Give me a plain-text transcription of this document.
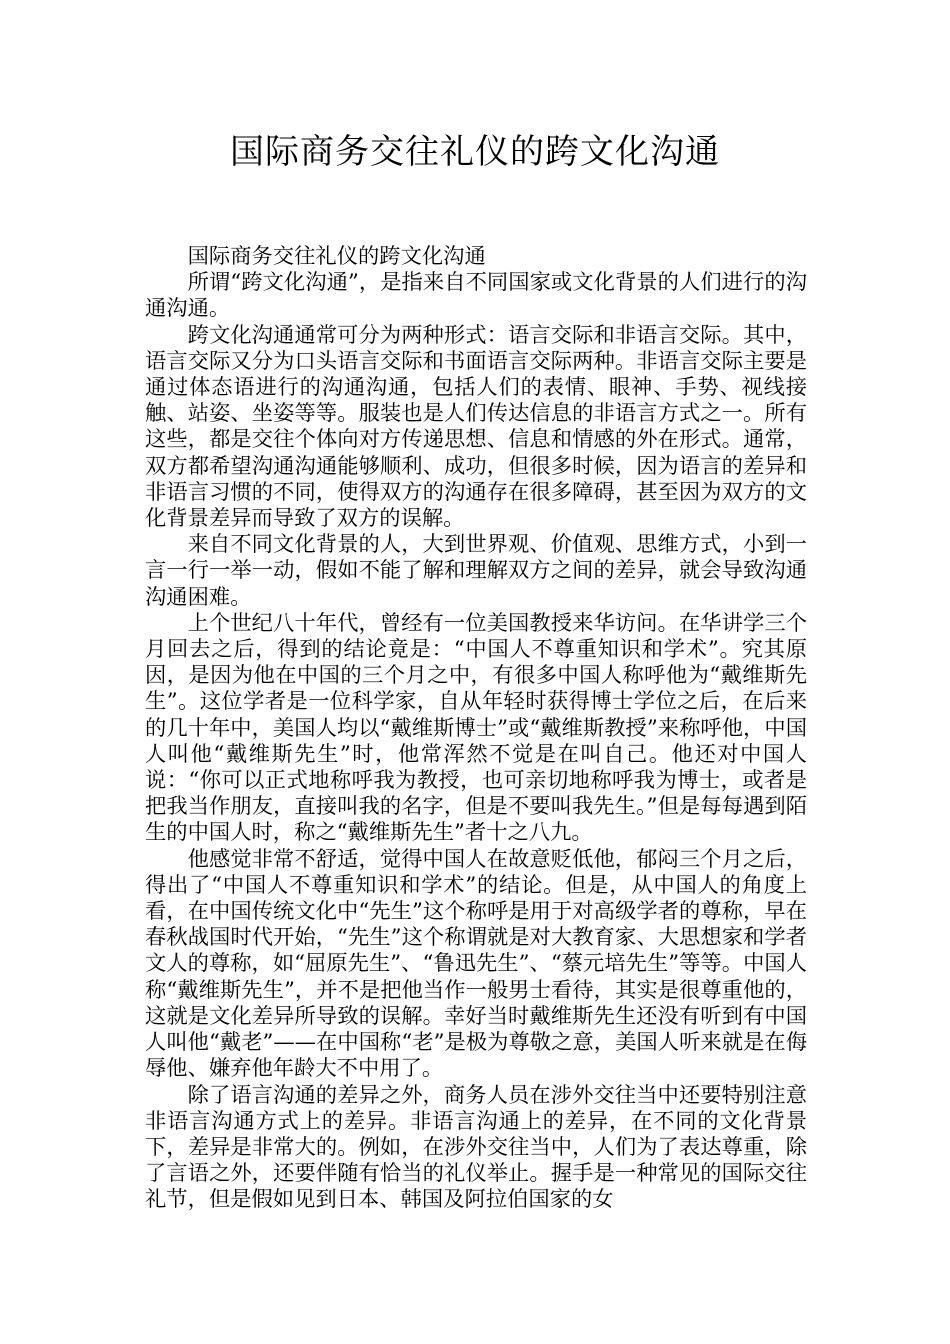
国际商务交往礼仪的跨文化沟通

国际商务交往礼仪的跨文化沟通

所谓“跨文化沟通”，是指来自不同国家或文化背景的人们进行的沟通沟通。

跨文化沟通通常可分为两种形式：语言交际和非语言交际。其中，语言交际又分为口头语言交际和书面语言交际两种。非语言交际主要是通过体态语进行的沟通沟通，包括人们的表情、眼神、手势、视线接触、站姿、坐姿等等。服装也是人们传达信息的非语言方式之一。所有这些，都是交往个体向对方传递思想、信息和情感的外在形式。通常，双方都希望沟通沟通能够顺利、成功，但很多时候，因为语言的差异和非语言习惯的不同，使得双方的沟通存在很多障碍，甚至因为双方的文化背景差异而导致了双方的误解。

来自不同文化背景的人，大到世界观、价值观、思维方式，小到一言一行一举一动，假如不能了解和理解双方之间的差异，就会导致沟通沟通困难。

上个世纪八十年代，曾经有一位美国教授来华访问。在华讲学三个月回去之后，得到的结论竟是：“中国人不尊重知识和学术”。究其原因，是因为他在中国的三个月之中，有很多中国人称呼他为“戴维斯先生”。这位学者是一位科学家，自从年轻时获得博士学位之后，在后来的几十年中，美国人均以“戴维斯博士”或“戴维斯教授”来称呼他，中国人叫他“戴维斯先生”时，他常浑然不觉是在叫自己。他还对中国人说：“你可以正式地称呼我为教授，也可亲切地称呼我为博士，或者是把我当作朋友，直接叫我的名字，但是不要叫我先生。”但是每每遇到陌生的中国人时，称之“戴维斯先生”者十之八九。

他感觉非常不舒适，觉得中国人在故意贬低他，郁闷三个月之后，得出了“中国人不尊重知识和学术”的结论。但是，从中国人的角度上看，在中国传统文化中“先生”这个称呼是用于对高级学者的尊称，早在春秋战国时代开始，“先生”这个称谓就是对大教育家、大思想家和学者文人的尊称，如“屈原先生”、“鲁迅先生”、“蔡元培先生”等等。中国人称“戴维斯先生”，并不是把他当作一般男士看待，其实是很尊重他的，这就是文化差异所导致的误解。幸好当时戴维斯先生还没有听到有中国人叫他“戴老”——在中国称“老”是极为尊敬之意，美国人听来就是在侮辱他、嫌弃他年龄大不中用了。

除了语言沟通的差异之外，商务人员在涉外交往当中还要特别注意非语言沟通方式上的差异。非语言沟通上的差异，在不同的文化背景下，差异是非常大的。例如，在涉外交往当中，人们为了表达尊重，除了言语之外，还要伴随有恰当的礼仪举止。握手是一种常见的国际交往礼节，但是假如见到日本、韩国及阿拉伯国家的女
